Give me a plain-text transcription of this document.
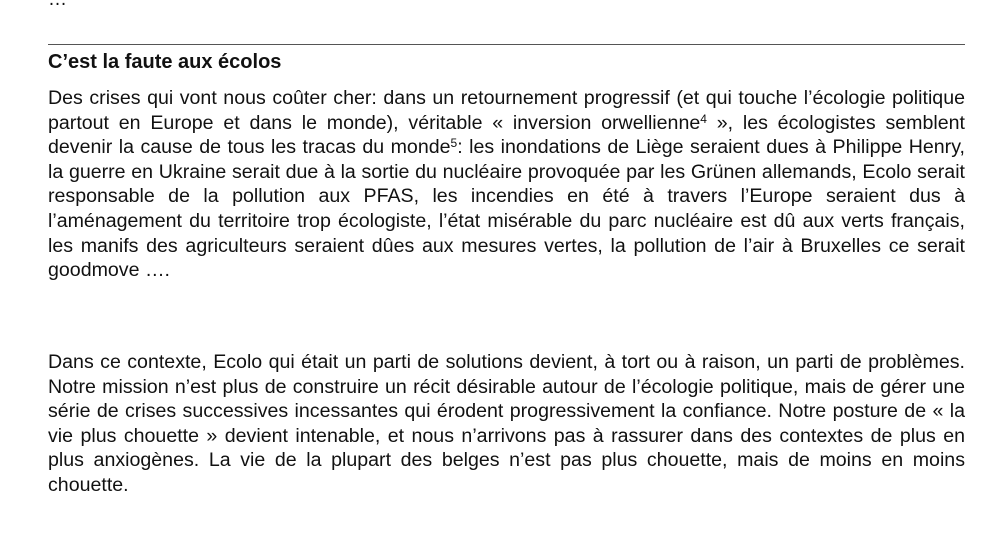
C’est la faute aux écolos

Des crises qui vont nous coûter cher: dans un retournement progressif (et qui touche l’écologie politique partout en Europe et dans le monde), véritable « inversion orwellienne$^4$ », les écologistes semblent devenir la cause de tous les tracas du monde$^5$: les inondations de Liège seraient dues à Philippe Henry, la guerre en Ukraine serait due à la sortie du nucléaire provoquée par les Grünen allemands, Ecolo serait responsable de la pollution aux PFAS, les incendies en été à travers l’Europe seraient dus à l’aménagement du territoire trop écologiste, l’état misérable du parc nucléaire est dû aux verts français, les manifs des agriculteurs seraient dûes aux mesures vertes, la pollution de l’air à Bruxelles ce serait goodmove ….

Dans ce contexte, Ecolo qui était un parti de solutions devient, à tort ou à raison, un parti de problèmes. Notre mission n’est plus de construire un récit désirable autour de l’écologie politique, mais de gérer une série de crises successives incessantes qui érodent progressivement la confiance. Notre posture de « la vie plus chouette » devient intenable, et nous n’arrivons pas à rassurer dans des contextes de plus en plus anxiogènes. La vie de la plupart des belges n’est pas plus chouette, mais de moins en moins chouette.
